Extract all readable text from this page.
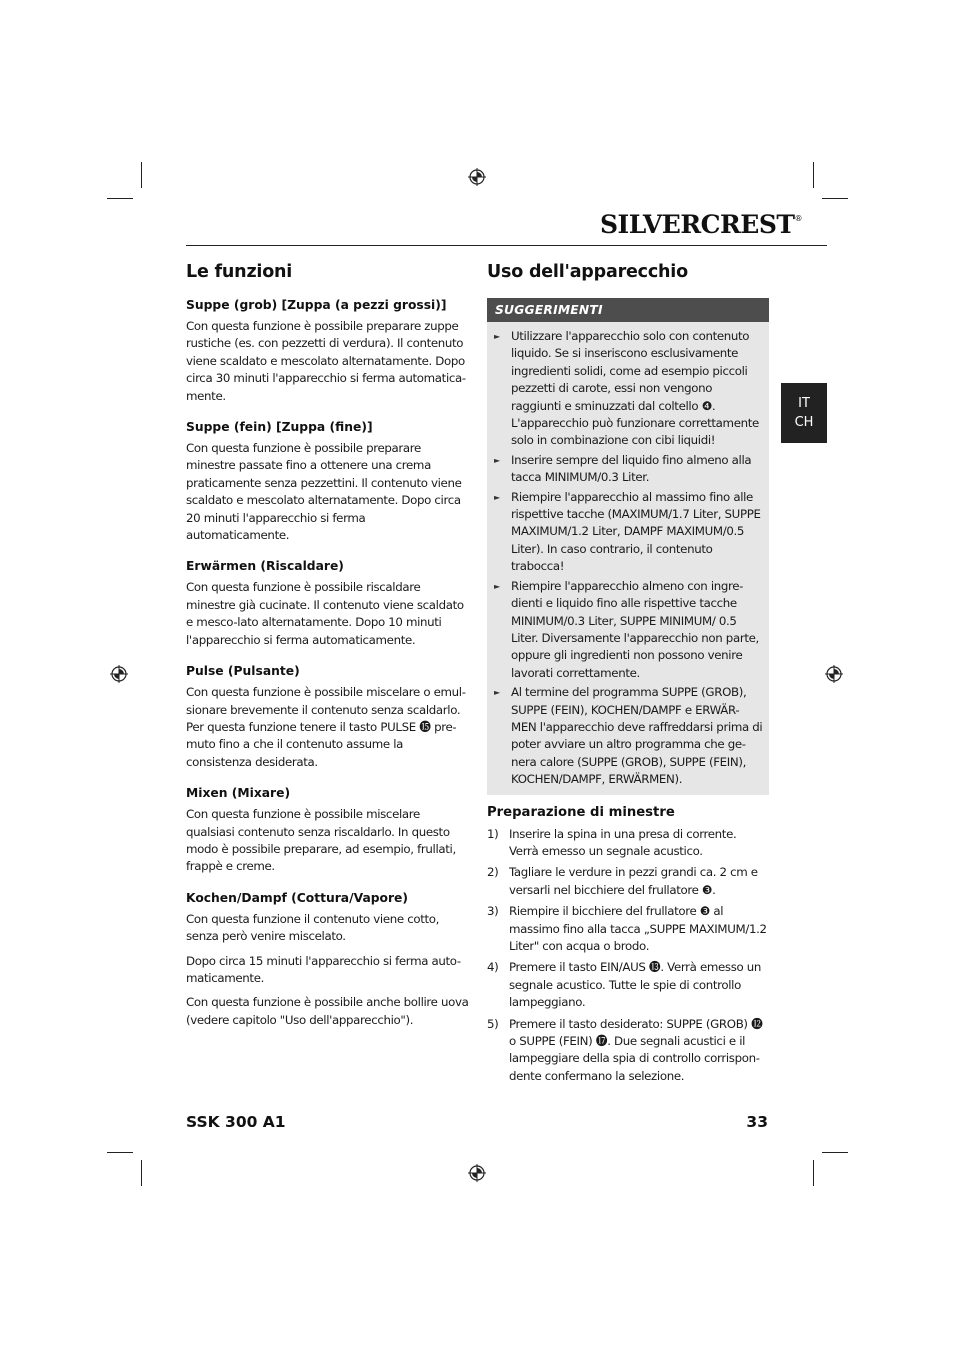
SILVERCREST®
Le funzioni
Suppe (grob) [Zuppa (a pezzi grossi)]

Con questa funzione è possibile preparare zuppe rustiche (es. con pezzetti di verdura). Il contenuto viene scaldato e mescolato alternatamente. Dopo circa 30 minuti l'apparecchio si ferma automatica-mente.

Suppe (fein) [Zuppa (fine)]

Con questa funzione è possibile preparare minestre passate fino a ottenere una crema praticamente senza pezzettini. Il contenuto viene scaldato e mescolato alternatamente. Dopo circa 20 minuti l'apparecchio si ferma automaticamente.

Erwärmen (Riscaldare)

Con questa funzione è possibile riscaldare minestre già cucinate. Il contenuto viene scaldato e mesco-lato alternatamente. Dopo 10 minuti l'apparecchio si ferma automaticamente.

Pulse (Pulsante)

Con questa funzione è possibile miscelare o emul-sionare brevemente il contenuto senza scaldarlo. Per questa funzione tenere il tasto PULSE ⓯ pre-muto fino a che il contenuto assume la consistenza desiderata.

Mixen (Mixare)

Con questa funzione è possibile miscelare qualsiasi contenuto senza riscaldarlo. In questo modo è possibile preparare, ad esempio, frullati, frappè e creme.

Kochen/Dampf (Cottura/Vapore)

Con questa funzione il contenuto viene cotto, senza però venire miscelato.

Dopo circa 15 minuti l'apparecchio si ferma auto-maticamente.

Con questa funzione è possibile anche bollire uova (vedere capitolo "Uso dell'apparecchio").

Uso dell'apparecchio
SUGGERIMENTI
► Utilizzare l'apparecchio solo con contenuto liquido. Se si inseriscono esclusivamente ingredienti solidi, come ad esempio piccoli pezzetti di carote, essi non vengono raggiunti e sminuzzati dal coltello ❹.
L'apparecchio può funzionare correttamente solo in combinazione con cibi liquidi!
► Inserire sempre del liquido fino almeno alla tacca MINIMUM/0.3 Liter.
► Riempire l'apparecchio al massimo fino alle rispettive tacche (MAXIMUM/1.7 Liter, SUPPE MAXIMUM/1.2 Liter, DAMPF MAXIMUM/0.5 Liter). In caso contrario, il contenuto trabocca!
► Riempire l'apparecchio almeno con ingre-dienti e liquido fino alle rispettive tacche MINIMUM/0.3 Liter, SUPPE MINIMUM/ 0.5 Liter. Diversamente l'apparecchio non parte, oppure gli ingredienti non possono venire lavorati correttamente.
► Al termine del programma SUPPE (GROB), SUPPE (FEIN), KOCHEN/DAMPF e ERWÄR-MEN l'apparecchio deve raffreddarsi prima di poter avviare un altro programma che ge-nera calore (SUPPE (GROB), SUPPE (FEIN), KOCHEN/DAMPF, ERWÄRMEN).
Preparazione di minestre
1) Inserire la spina in una presa di corrente. Verrà emesso un segnale acustico.
2) Tagliare le verdure in pezzi grandi ca. 2 cm e versarli nel bicchiere del frullatore ❸.
3) Riempire il bicchiere del frullatore ❸ al massimo fino alla tacca „SUPPE MAXIMUM/1.2 Liter" con acqua o brodo.
4) Premere il tasto EIN/AUS ⓭. Verrà emesso un segnale acustico. Tutte le spie di controllo lampeggiano.
5) Premere il tasto desiderato: SUPPE (GROB) ⓬ o SUPPE (FEIN) ⓱. Due segnali acustici e il lampeggiare della spia di controllo corrispon-dente confermano la selezione.
IT
CH
SSK 300 A1	33
